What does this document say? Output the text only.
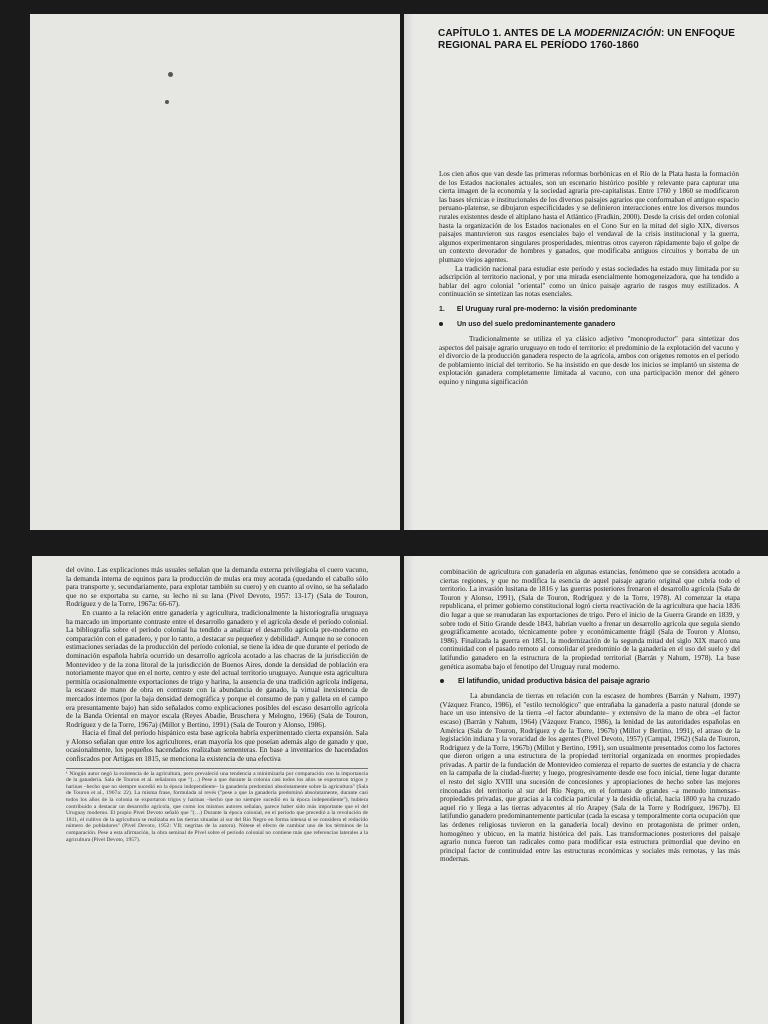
CAPÍTULO 1. ANTES DE LA MODERNIZACIÓN: UN ENFOQUE REGIONAL PARA EL PERÍODO 1760-1860

Los cien años que van desde las primeras reformas borbónicas en el Río de la Plata hasta la formación de los Estados nacionales actuales, son un escenario histórico posible y relevante para capturar una cierta imagen de la economía y la sociedad agraria pre-capitalistas. Entre 1760 y 1860 se modificaron las bases técnicas e institucionales de los diversos paisajes agrarios que conformaban el antiguo espacio peruano-platense, se dibujaron especificidades y se definieron interacciones entre los diversos mundos rurales existentes desde el altiplano hasta el Atlántico (Fradkin, 2000). Desde la crisis del orden colonial hasta la organización de los Estados nacionales en el Cono Sur en la mitad del siglo XIX, diversos paisajes mantuvieron sus rasgos esenciales bajo el vendaval de la crisis institucional y la guerra, algunos experimentaron singulares prosperidades, mientras otros cayeron rápidamente bajo el golpe de un contexto devorador de hombres y ganados, que modificaba antiguos circuitos y borraba de un plumazo viejos agentes.

La tradición nacional para estudiar este período y estas sociedades ha estado muy limitada por su adscripción al territorio nacional, y por una mirada esencialmente homogeneizadora, que ha tendido a hablar del agro colonial "oriental" como un único paisaje agrario de rasgos muy estilizados. A continuación se sintetizan las notas esenciales.

1. El Uruguay rural pre-moderno: la visión predominante
Un uso del suelo predominantemente ganadero

Tradicionalmente se utiliza el ya clásico adjetivo "monoproductor" para sintetizar dos aspectos del paisaje agrario uruguayo en todo el territorio: el predominio de la explotación del vacuno y el divorcio de la producción ganadera respecto de la agrícola, ambos con orígenes remotos en el período de poblamiento inicial del territorio. Se ha insistido en que desde los inicios se implantó un sistema de explotación ganadera completamente limitada al vacuno, con una participación menor del género equino y ninguna significación

del ovino. Las explicaciones más usuales señalan que la demanda externa privilegiaba el cuero vacuno, la demanda interna de equinos para la producción de mulas era muy acotada (quedando el caballo sólo para transporte y, secundariamente, para explotar también su cuero) y en cuanto al ovino, se ha señalado que no se exportaba su carne, su lecho ni su lana (Pivel Devoto, 1957: 13-17) (Sala de Touron, Rodríguez y de la Torre, 1967a: 66-67).

En cuanto a la relación entre ganadería y agricultura, tradicionalmente la historiografía uruguaya ha marcado un importante contraste entre el desarrollo ganadero y el agrícola desde el período colonial. La bibliografía sobre el período colonial ha tendido a analizar el desarrollo agrícola pre-moderno en comparación con el ganadero, y por lo tanto, a destacar su pequeñez y debilidad¹. Aunque no se conocen estimaciones seriadas de la producción del período colonial, se tiene la idea de que durante el período de dominación española habría ocurrido un desarrollo agrícola acotado a las chacras de la jurisdicción de Montevideo y de la zona litoral de la jurisdicción de Buenos Aires, donde la densidad de población era notoriamente mayor que en el norte, centro y este del actual territorio uruguayo. Aunque esta agricultura permitía ocasionalmente exportaciones de trigo y harina, la ausencia de una tradición agrícola indígena, la escasez de mano de obra en contraste con la abundancia de ganado, la virtual inexistencia de mercados internos (por la baja densidad demográfica y porque el consumo de pan y galleta en el campo era presuntamente bajo) han sido señalados como explicaciones posibles del escaso desarrollo agrícola de la Banda Oriental en mayor escala (Reyes Abadie, Bruschera y Melogno, 1966) (Sala de Touron, Rodríguez y de la Torre, 1967a) (Millot y Bertino, 1991) (Sala de Touron y Alonso, 1986).

Hacia el final del período hispánico esta base agrícola habría experimentado cierta expansión. Sala y Alonso señalan que entre los agricultores, eran mayoría los que poseían además algo de ganado y que, ocasionalmente, los pequeños hacendados realizaban sementeras. En base a inventarios de hacendados confiscados por Artigas en 1815, se menciona la existencia de una efectiva

¹ Ningún autor negó la existencia de la agricultura, pero prevaleció una tendencia a minimizarla por comparación con la importancia de la ganadería. Sala de Touron et al. señalaron que "(…) Pese a que durante la colonia casi todos los años se exportaron trigos y harinas –hecho que no siempre sucedió en la época independiente– la ganadería predominó absolutamente sobre la agricultura" (Sala de Touron et al., 1967a: 22). La misma frase, formulada al revés ("pese a que la ganadería predominó absolutamente, durante casi todos los años de la colonia se exportaron trigos y harinas –hecho que no siempre sucedió en la época independiente"), hubiera contribuido a destacar un desarrollo agrícola, que como los mismos autores señalan, parece haber sido más importante que el del Uruguay moderno. El propio Pivel Devoto señaló que "(…) Durante la época colonial, en el período que precedió a la revolución de 1811, el cultivo de la agricultura se realizaba en las tierras situadas al sur del Río Negro en forma intensa si se considera el reducido número de pobladores" (Pivel Devoto, 1952: VII; negritas de la autora). Nótese el efecto de cambiar uno de los términos de la comparación. Pese a esta afirmación, la obra seminal de Pivel sobre el período colonial no contiene más que referencias laterales a la agricultura (Pivel Devoto, 1957).

combinación de agricultura con ganadería en algunas estancias, fenómeno que se considera acotado a ciertas regiones, y que no modifica la esencia de aquel paisaje agrario original que cubría todo el territorio. La invasión lusitana de 1816 y las guerras posteriores frenaron el desarrollo agrícola (Sala de Touron y Alonso, 1991), (Sala de Touron, Rodríguez y de la Torre, 1978). Al comenzar la etapa republicana, el primer gobierno constitucional logró cierta reactivación de la agricultura que hacia 1836 dio lugar a que se reanudaran las exportaciones de trigo. Pero el inicio de la Guerra Grande en 1839, y sobre todo el Sitio Grande desde 1843, habrían vuelto a frenar un desarrollo agrícola que seguía siendo geográficamente acotado, técnicamente pobre y económicamente frágil (Sala de Touron y Alonso, 1986). Finalizada la guerra en 1851, la modernización de la segunda mitad del siglo XIX marcó una continuidad con el pasado remoto al consolidar el predominio de la ganadería en el uso del suelo y del latifundio ganadero en la estructura de la propiedad territorial (Barrán y Nahum, 1978). La base genética asomaba bajo el fenotipo del Uruguay rural moderno.

El latifundio, unidad productiva básica del paisaje agrario

La abundancia de tierras en relación con la escasez de hombres (Barrán y Nahum, 1997) (Vázquez Franco, 1986), el "estilo tecnológico" que entrañaba la ganadería a pasto natural (donde se hace un uso intensivo de la tierra –el factor abundante– y extensivo de la mano de obra –el factor escaso) (Barrán y Nahum, 1964) (Vázquez Franco, 1986), la lenidad de las autoridades españolas en América (Sala de Touron, Rodríguez y de la Torre, 1967b) (Millot y Bertino, 1991), el atraso de la legislación indiana y la voracidad de los agentes (Pivel Devoto, 1957) (Campal, 1962) (Sala de Touron, Rodríguez y de la Torre, 1967b) (Millot y Bertino, 1991), son usualmente presentados como los factores que dieron origen a una estructura de la propiedad territorial organizada en enormes propiedades privadas. A partir de la fundación de Montevideo comienza el reparto de suertes de estancia y de chacra en la campaña de la ciudad-fuerte; y luego, progresivamente desde ese foco inicial, tiene lugar durante el resto del siglo XVIII una sucesión de concesiones y apropiaciones de hecho sobre las mejores rinconadas del territorio al sur del Río Negro, en el formato de grandes –a menudo inmensas– propiedades privadas, que gracias a la codicia particular y la desidia oficial, hacia 1800 ya ha cruzado aquel río y llega a las tierras adyacentes al río Arapey (Sala de la Torre y Rodríguez, 1967b). El latifundio ganadero predominantemente particular (cada la escasa y temporalmente corta ocupación que las órdenes religiosas tuvieron en la ganadería local) devino en protagonista de primer orden, homogéneo y ubicuo, en la matriz histórica del país. Las transformaciones posteriores del paisaje agrario nunca fueron tan radicales como para modificar esta estructura primordial que devino en principal factor de continuidad entre las estructuras económicas y sociales más remotas, y las más modernas.
